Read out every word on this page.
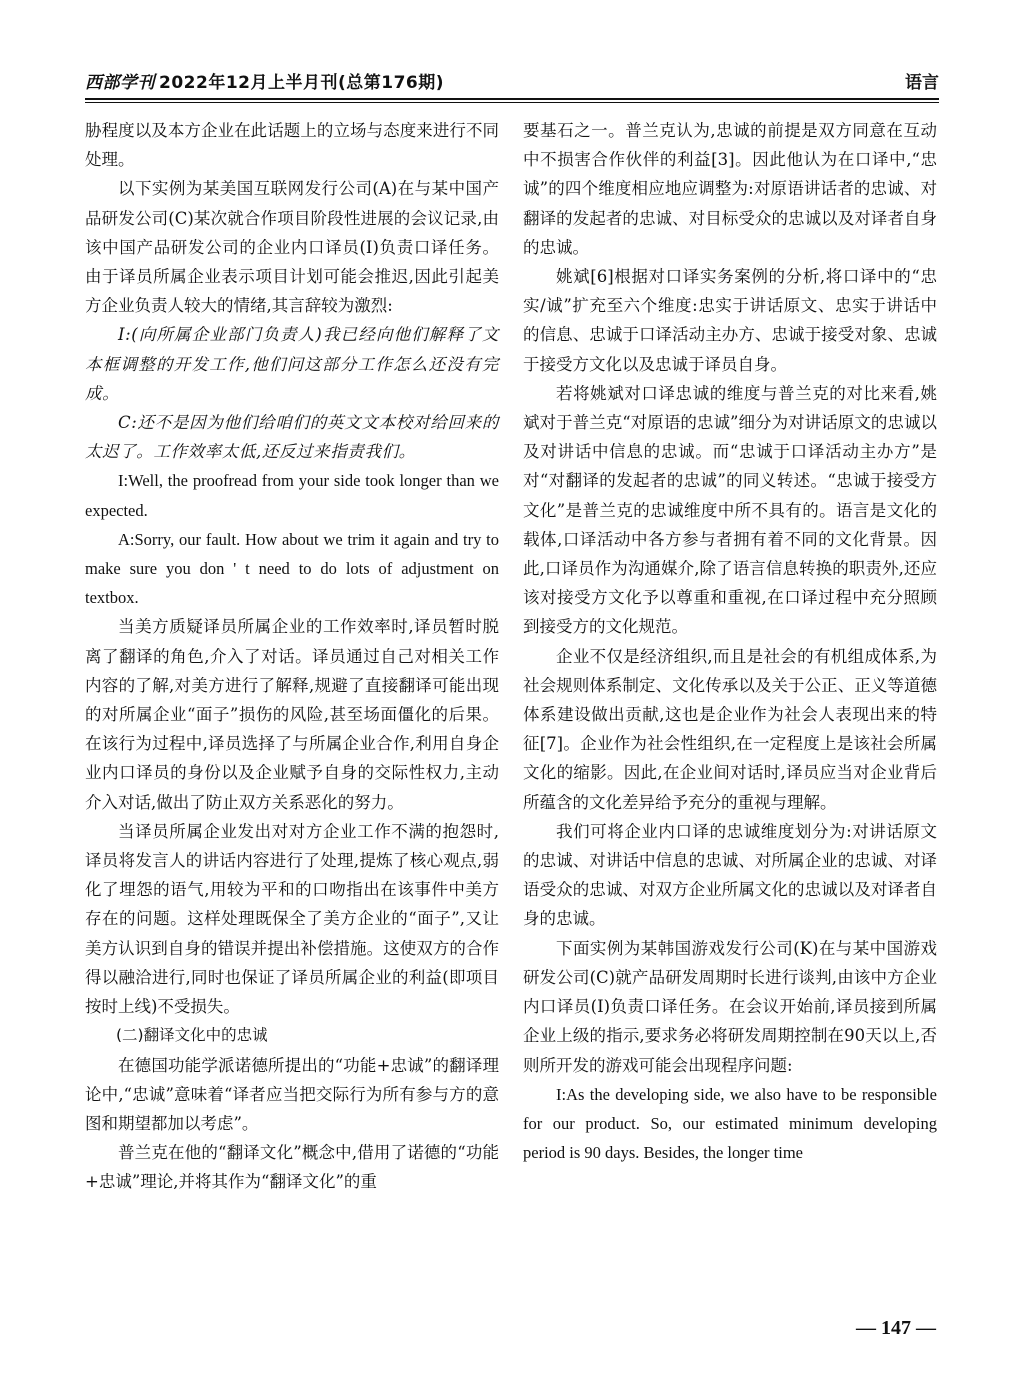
西部学刊 2022年12月上半月刊(总第176期)	语言

胁程度以及本方企业在此话题上的立场与态度来进行不同处理。

以下实例为某美国互联网发行公司(A)在与某中国产品研发公司(C)某次就合作项目阶段性进展的会议记录,由该中国产品研发公司的企业内口译员(I)负责口译任务。由于译员所属企业表示项目计划可能会推迟,因此引起美方企业负责人较大的情绪,其言辞较为激烈:

I:(向所属企业部门负责人)我已经向他们解释了文本框调整的开发工作,他们问这部分工作怎么还没有完成。

C:还不是因为他们给咱们的英文文本校对给回来的太迟了。工作效率太低,还反过来指责我们。

I:Well, the proofread from your side took longer than we expected.

A:Sorry, our fault. How about we trim it again and try to make sure you don ' t need to do lots of adjustment on textbox.

当美方质疑译员所属企业的工作效率时,译员暂时脱离了翻译的角色,介入了对话。译员通过自己对相关工作内容的了解,对美方进行了解释,规避了直接翻译可能出现的对所属企业“面子”损伤的风险,甚至场面僵化的后果。在该行为过程中,译员选择了与所属企业合作,利用自身企业内口译员的身份以及企业赋予自身的交际性权力,主动介入对话,做出了防止双方关系恶化的努力。

当译员所属企业发出对对方企业工作不满的抱怨时,译员将发言人的讲话内容进行了处理,提炼了核心观点,弱化了埋怨的语气,用较为平和的口吻指出在该事件中美方存在的问题。这样处理既保全了美方企业的“面子”,又让美方认识到自身的错误并提出补偿措施。这使双方的合作得以融洽进行,同时也保证了译员所属企业的利益(即项目按时上线)不受损失。

(二)翻译文化中的忠诚

在德国功能学派诺德所提出的“功能+忠诚”的翻译理论中,“忠诚”意味着“译者应当把交际行为所有参与方的意图和期望都加以考虑”。

普兰克在他的“翻译文化”概念中,借用了诺德的“功能+忠诚”理论,并将其作为“翻译文化”的重

要基石之一。普兰克认为,忠诚的前提是双方同意在互动中不损害合作伙伴的利益[3]。因此他认为在口译中,“忠诚”的四个维度相应地应调整为:对原语讲话者的忠诚、对翻译的发起者的忠诚、对目标受众的忠诚以及对译者自身的忠诚。

姚斌[6]根据对口译实务案例的分析,将口译中的“忠实/诚”扩充至六个维度:忠实于讲话原文、忠实于讲话中的信息、忠诚于口译活动主办方、忠诚于接受对象、忠诚于接受方文化以及忠诚于译员自身。

若将姚斌对口译忠诚的维度与普兰克的对比来看,姚斌对于普兰克“对原语的忠诚”细分为对讲话原文的忠诚以及对讲话中信息的忠诚。而“忠诚于口译活动主办方”是对“对翻译的发起者的忠诚”的同义转述。“忠诚于接受方文化”是普兰克的忠诚维度中所不具有的。语言是文化的载体,口译活动中各方参与者拥有着不同的文化背景。因此,口译员作为沟通媒介,除了语言信息转换的职责外,还应该对接受方文化予以尊重和重视,在口译过程中充分照顾到接受方的文化规范。

企业不仅是经济组织,而且是社会的有机组成体系,为社会规则体系制定、文化传承以及关于公正、正义等道德体系建设做出贡献,这也是企业作为社会人表现出来的特征[7]。企业作为社会性组织,在一定程度上是该社会所属文化的缩影。因此,在企业间对话时,译员应当对企业背后所蕴含的文化差异给予充分的重视与理解。

我们可将企业内口译的忠诚维度划分为:对讲话原文的忠诚、对讲话中信息的忠诚、对所属企业的忠诚、对译语受众的忠诚、对双方企业所属文化的忠诚以及对译者自身的忠诚。

下面实例为某韩国游戏发行公司(K)在与某中国游戏研发公司(C)就产品研发周期时长进行谈判,由该中方企业内口译员(I)负责口译任务。在会议开始前,译员接到所属企业上级的指示,要求务必将研发周期控制在90天以上,否则所开发的游戏可能会出现程序问题:

I:As the developing side, we also have to be responsible for our product. So, our estimated minimum developing period is 90 days. Besides, the longer time

— 147 —
